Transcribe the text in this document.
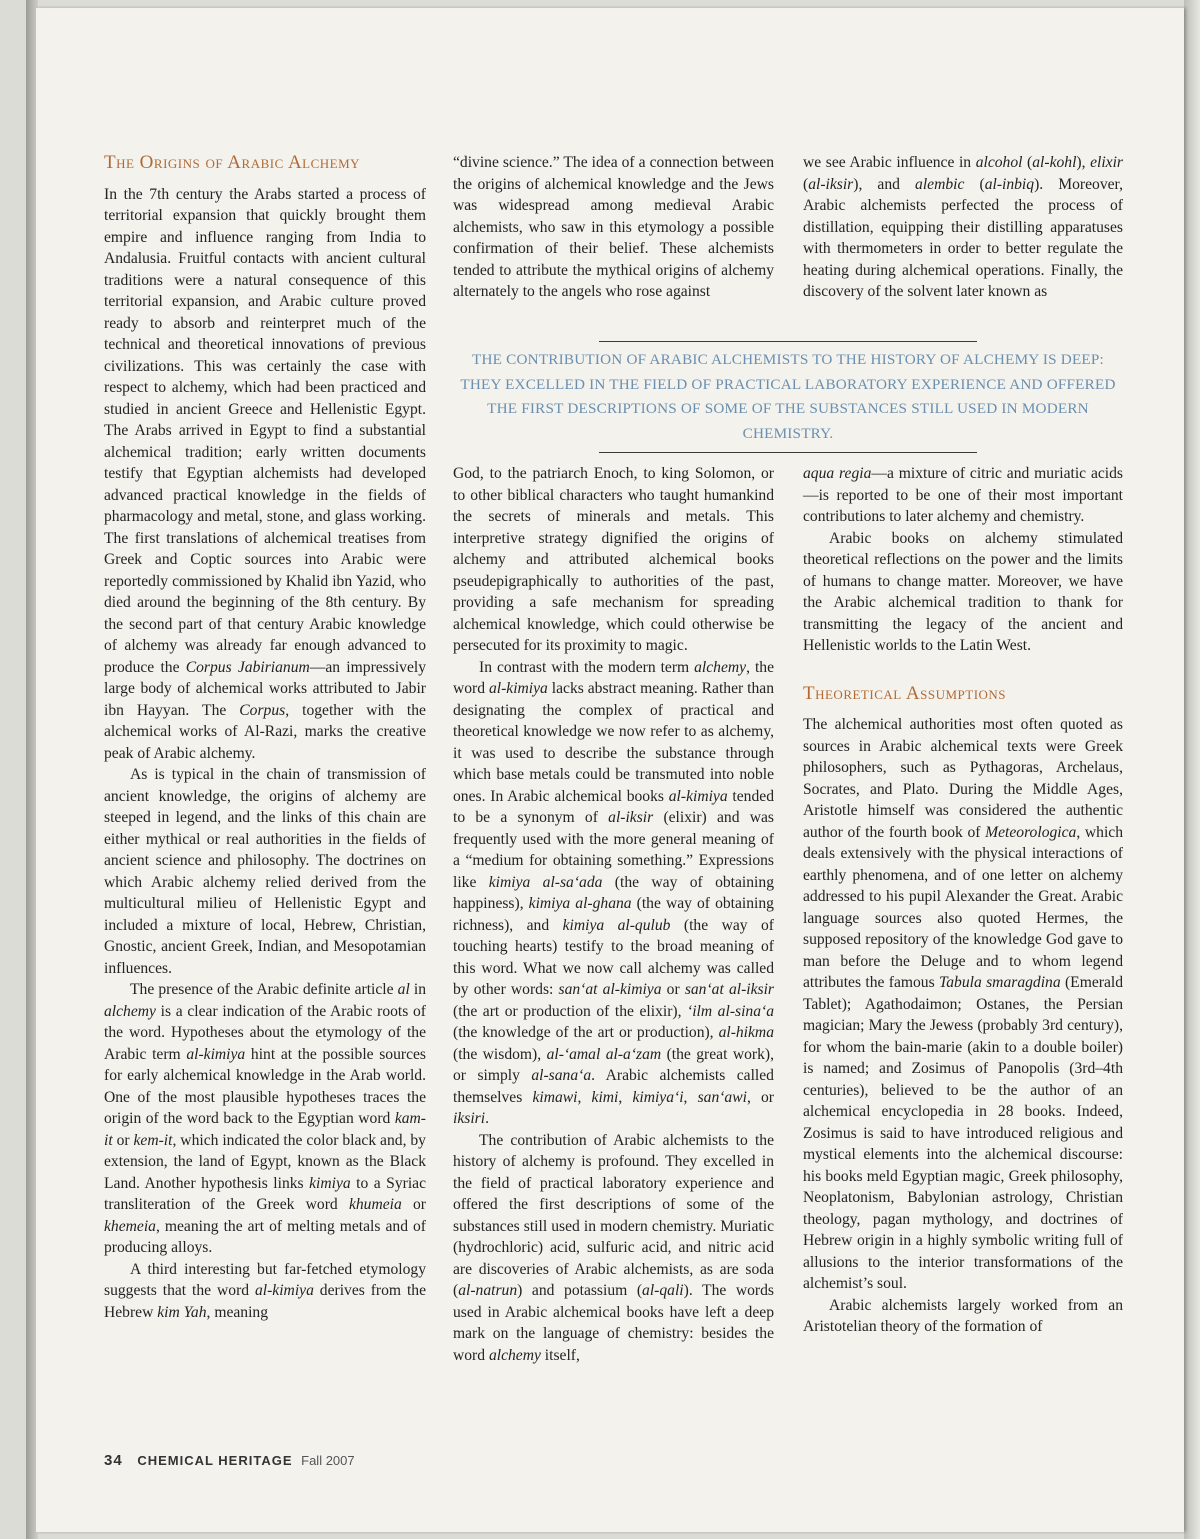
The Origins of Arabic Alchemy

In the 7th century the Arabs started a process of territorial expansion that quickly brought them empire and influence ranging from India to Andalusia. Fruitful contacts with ancient cultural traditions were a natural consequence of this territorial expansion, and Arabic culture proved ready to absorb and reinterpret much of the technical and theoretical innovations of previous civilizations. This was certainly the case with respect to alchemy, which had been practiced and studied in ancient Greece and Hellenistic Egypt. The Arabs arrived in Egypt to find a substantial alchemical tradition; early written documents testify that Egyptian alchemists had developed advanced practical knowledge in the fields of pharmacology and metal, stone, and glass working. The first translations of alchemical treatises from Greek and Coptic sources into Arabic were reportedly commissioned by Khalid ibn Yazid, who died around the beginning of the 8th century. By the second part of that century Arabic knowledge of alchemy was already far enough advanced to produce the Corpus Jabirianum—an impressively large body of alchemical works attributed to Jabir ibn Hayyan. The Corpus, together with the alchemical works of Al-Razi, marks the creative peak of Arabic alchemy.

As is typical in the chain of transmission of ancient knowledge, the origins of alchemy are steeped in legend, and the links of this chain are either mythical or real authorities in the fields of ancient science and philosophy. The doctrines on which Arabic alchemy relied derived from the multicultural milieu of Hellenistic Egypt and included a mixture of local, Hebrew, Christian, Gnostic, ancient Greek, Indian, and Mesopotamian influences.

The presence of the Arabic definite article al in alchemy is a clear indication of the Arabic roots of the word. Hypotheses about the etymology of the Arabic term al-kimiya hint at the possible sources for early alchemical knowledge in the Arab world. One of the most plausible hypotheses traces the origin of the word back to the Egyptian word kam-it or kem-it, which indicated the color black and, by extension, the land of Egypt, known as the Black Land. Another hypothesis links kimiya to a Syriac transliteration of the Greek word khumeia or khemeia, meaning the art of melting metals and of producing alloys.

A third interesting but far-fetched etymology suggests that the word al-kimiya derives from the Hebrew kim Yah, meaning

“divine science.” The idea of a connection between the origins of alchemical knowledge and the Jews was widespread among medieval Arabic alchemists, who saw in this etymology a possible confirmation of their belief. These alchemists tended to attribute the mythical origins of alchemy alternately to the angels who rose against

we see Arabic influence in alcohol (al-kohl), elixir (al-iksir), and alembic (al-inbiq). Moreover, Arabic alchemists perfected the process of distillation, equipping their distilling apparatuses with thermometers in order to better regulate the heating during alchemical operations. Finally, the discovery of the solvent later known as

THE CONTRIBUTION OF ARABIC ALCHEMISTS TO THE HISTORY OF ALCHEMY IS DEEP: THEY EXCELLED IN THE FIELD OF PRACTICAL LABORATORY EXPERIENCE AND OFFERED THE FIRST DESCRIPTIONS OF SOME OF THE SUBSTANCES STILL USED IN MODERN CHEMISTRY.

God, to the patriarch Enoch, to king Solomon, or to other biblical characters who taught humankind the secrets of minerals and metals. This interpretive strategy dignified the origins of alchemy and attributed alchemical books pseudepigraphically to authorities of the past, providing a safe mechanism for spreading alchemical knowledge, which could otherwise be persecuted for its proximity to magic.

In contrast with the modern term alchemy, the word al-kimiya lacks abstract meaning. Rather than designating the complex of practical and theoretical knowledge we now refer to as alchemy, it was used to describe the substance through which base metals could be transmuted into noble ones. In Arabic alchemical books al-kimiya tended to be a synonym of al-iksir (elixir) and was frequently used with the more general meaning of a “medium for obtaining something.” Expressions like kimiya al-sa‘ada (the way of obtaining happiness), kimiya al-ghana (the way of obtaining richness), and kimiya al-qulub (the way of touching hearts) testify to the broad meaning of this word. What we now call alchemy was called by other words: san‘at al-kimiya or san‘at al-iksir (the art or production of the elixir), ‘ilm al-sina‘a (the knowledge of the art or production), al-hikma (the wisdom), al-‘amal al-a‘zam (the great work), or simply al-sana‘a. Arabic alchemists called themselves kimawi, kimi, kimiya‘i, san‘awi, or iksiri.

The contribution of Arabic alchemists to the history of alchemy is profound. They excelled in the field of practical laboratory experience and offered the first descriptions of some of the substances still used in modern chemistry. Muriatic (hydrochloric) acid, sulfuric acid, and nitric acid are discoveries of Arabic alchemists, as are soda (al-natrun) and potassium (al-qali). The words used in Arabic alchemical books have left a deep mark on the language of chemistry: besides the word alchemy itself,

aqua regia—a mixture of citric and muriatic acids—is reported to be one of their most important contributions to later alchemy and chemistry.

Arabic books on alchemy stimulated theoretical reflections on the power and the limits of humans to change matter. Moreover, we have the Arabic alchemical tradition to thank for transmitting the legacy of the ancient and Hellenistic worlds to the Latin West.

Theoretical Assumptions

The alchemical authorities most often quoted as sources in Arabic alchemical texts were Greek philosophers, such as Pythagoras, Archelaus, Socrates, and Plato. During the Middle Ages, Aristotle himself was considered the authentic author of the fourth book of Meteorologica, which deals extensively with the physical interactions of earthly phenomena, and of one letter on alchemy addressed to his pupil Alexander the Great. Arabic language sources also quoted Hermes, the supposed repository of the knowledge God gave to man before the Deluge and to whom legend attributes the famous Tabula smaragdina (Emerald Tablet); Agathodaimon; Ostanes, the Persian magician; Mary the Jewess (probably 3rd century), for whom the bain-marie (akin to a double boiler) is named; and Zosimus of Panopolis (3rd–4th centuries), believed to be the author of an alchemical encyclopedia in 28 books. Indeed, Zosimus is said to have introduced religious and mystical elements into the alchemical discourse: his books meld Egyptian magic, Greek philosophy, Neoplatonism, Babylonian astrology, Christian theology, pagan mythology, and doctrines of Hebrew origin in a highly symbolic writing full of allusions to the interior transformations of the alchemist’s soul.

Arabic alchemists largely worked from an Aristotelian theory of the formation of

34 CHEMICAL HERITAGE Fall 2007
